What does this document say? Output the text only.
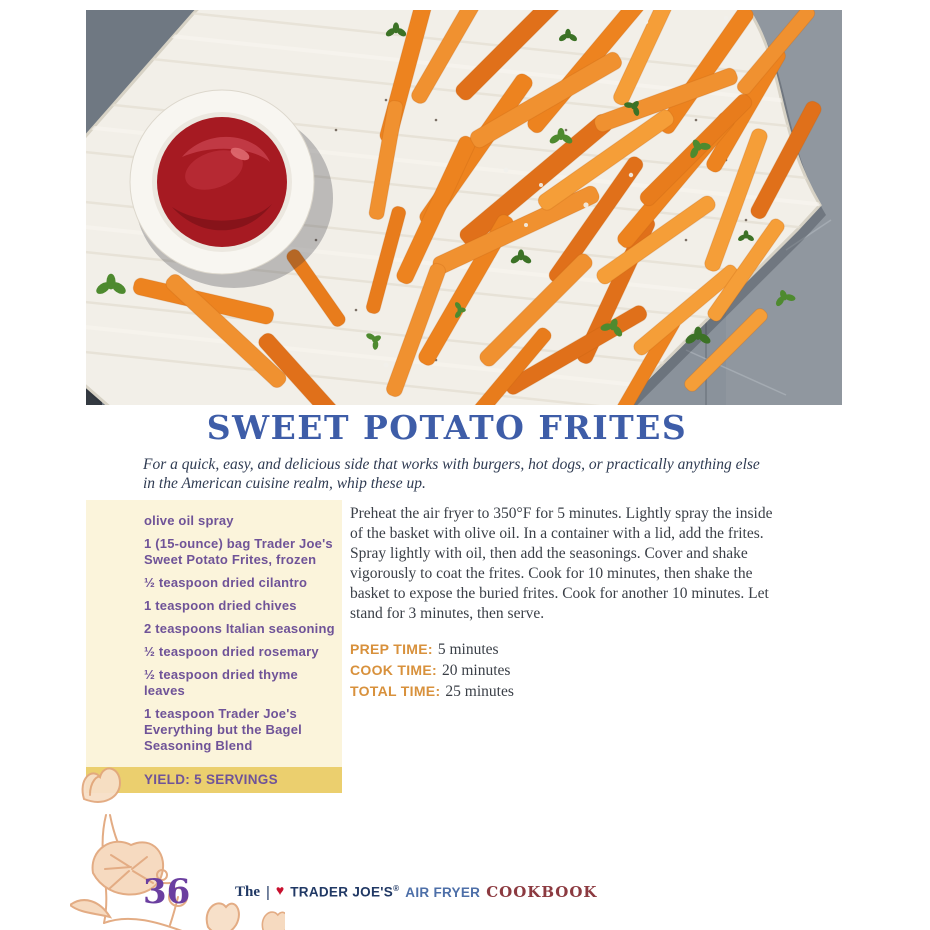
SWEET POTATO FRITES

For a quick, easy, and delicious side that works with burgers, hot dogs, or practically anything else in the American cuisine realm, whip these up.

olive oil spray
1 (15-ounce) bag Trader Joe's Sweet Potato Frites, frozen
½ teaspoon dried cilantro
1 teaspoon dried chives
2 teaspoons Italian seasoning
½ teaspoon dried rosemary
½ teaspoon dried thyme leaves
1 teaspoon Trader Joe's Everything but the Bagel Seasoning Blend
YIELD: 5 SERVINGS

Preheat the air fryer to 350°F for 5 minutes. Lightly spray the inside of the basket with olive oil. In a container with a lid, add the frites. Spray lightly with oil, then add the seasonings. Cover and shake vigorously to coat the frites. Cook for 10 minutes, then shake the basket to expose the buried frites. Cook for another 10 minutes. Let stand for 3 minutes, then serve.

PREP TIME: 5 minutes
COOK TIME: 20 minutes
TOTAL TIME: 25 minutes
36	The | ♥ TRADER JOE'S® AIR FRYER COOKBOOK
